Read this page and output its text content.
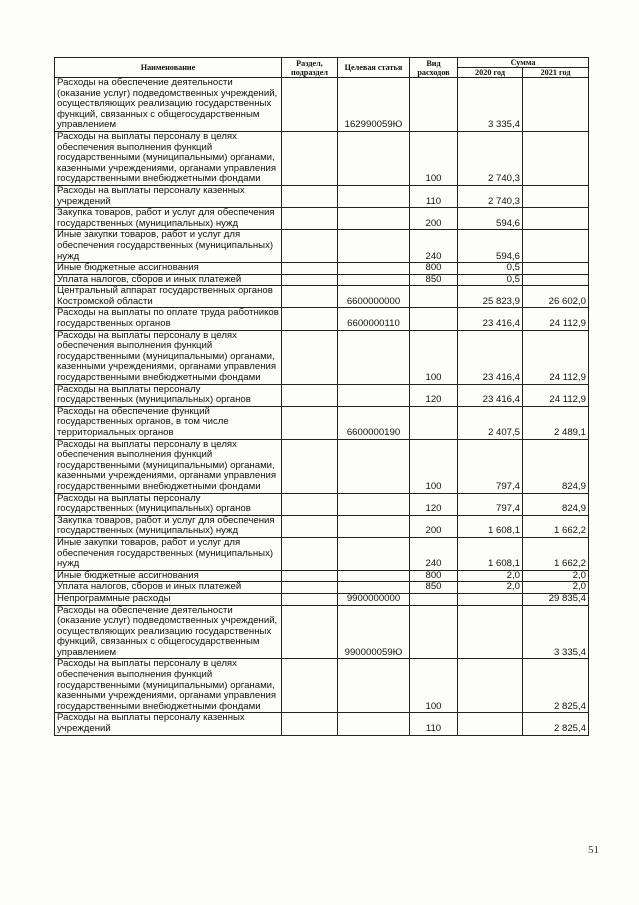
Наименование	Раздел, подраздел	Целевая статья	Вид расходов	Сумма	
				2020 год	2021 год
Расходы на обеспечение деятельности (оказание услуг) подведомственных учреждений, осуществляющих реализацию государственных функций, связанных с общегосударственным управлением		162990059Ю		3 335,4	
Расходы на выплаты персоналу в целях обеспечения выполнения функций государственными (муниципальными) органами, казенными учреждениями, органами управления государственными внебюджетными фондами			100	2 740,3	
Расходы на выплаты персоналу казенных учреждений			110	2 740,3	
Закупка товаров, работ и услуг для обеспечения государственных (муниципальных) нужд			200	594,6	
Иные закупки товаров, работ и услуг для обеспечения государственных (муниципальных) нужд			240	594,6	
Иные бюджетные ассигнования			800	0,5	
Уплата налогов, сборов и иных платежей			850	0,5	
Центральный аппарат государственных органов Костромской области		6600000000		25 823,9	26 602,0
Расходы на выплаты по оплате труда работников государственных органов		6600000110		23 416,4	24 112,9
Расходы на выплаты персоналу в целях обеспечения выполнения функций государственными (муниципальными) органами, казенными учреждениями, органами управления государственными внебюджетными фондами			100	23 416,4	24 112,9
Расходы на выплаты персоналу государственных (муниципальных) органов			120	23 416,4	24 112,9
Расходы на обеспечение функций государственных органов, в том числе территориальных органов		6600000190		2 407,5	2 489,1
Расходы на выплаты персоналу в целях обеспечения выполнения функций государственными (муниципальными) органами, казенными учреждениями, органами управления государственными внебюджетными фондами			100	797,4	824,9
Расходы на выплаты персоналу государственных (муниципальных) органов			120	797,4	824,9
Закупка товаров, работ и услуг для обеспечения государственных (муниципальных) нужд			200	1 608,1	1 662,2
Иные закупки товаров, работ и услуг для обеспечения государственных (муниципальных) нужд			240	1 608,1	1 662,2
Иные бюджетные ассигнования			800	2,0	2,0
Уплата налогов, сборов и иных платежей			850	2,0	2,0
Непрограммные расходы		9900000000			29 835,4
Расходы на обеспечение деятельности (оказание услуг) подведомственных учреждений, осуществляющих реализацию государственных функций, связанных с общегосударственным управлением		990000059Ю			3 335,4
Расходы на выплаты персоналу в целях обеспечения выполнения функций государственными (муниципальными) органами, казенными учреждениями, органами управления государственными внебюджетными фондами			100		2 825,4
Расходы на выплаты персоналу казенных учреждений			110		2 825,4
51
